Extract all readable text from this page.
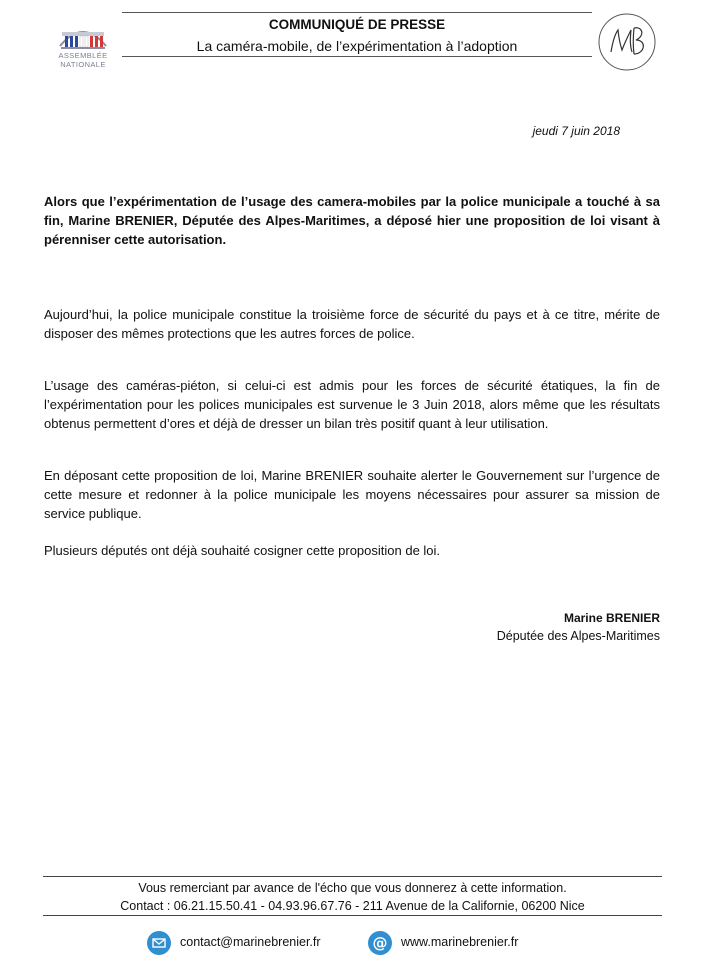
ASSEMBLÉE
NATIONALE
COMMUNIQUÉ DE PRESSE
La caméra-mobile, de l’expérimentation à l’adoption
jeudi 7 juin 2018
Alors que l’expérimentation de l’usage des camera-mobiles par la police municipale a touché à sa fin, Marine BRENIER, Députée des Alpes-Maritimes, a déposé hier une proposition de loi visant à pérenniser cette autorisation.
Aujourd’hui, la police municipale constitue la troisième force de sécurité du pays et à ce titre, mérite de disposer des mêmes protections que les autres forces de police.
L’usage des caméras-piéton, si celui-ci est admis pour les forces de sécurité étatiques, la fin de l’expérimentation pour les polices municipales est survenue le 3 Juin 2018, alors même que les résultats obtenus permettent d’ores et déjà de dresser un bilan très positif quant à leur utilisation.
En déposant cette proposition de loi, Marine BRENIER souhaite alerter le Gouvernement sur l’urgence de cette mesure et redonner à la police municipale les moyens nécessaires pour assurer sa mission de service publique.
Plusieurs députés ont déjà souhaité cosigner cette proposition de loi.
Marine BRENIER
Députée des Alpes-Maritimes
Vous remerciant par avance de l'écho que vous donnerez à cette information.
Contact : 06.21.15.50.41 - 04.93.96.67.76 - 211 Avenue de la Californie, 06200 Nice
contact@marinebrenier.fr	@	www.marinebrenier.fr
